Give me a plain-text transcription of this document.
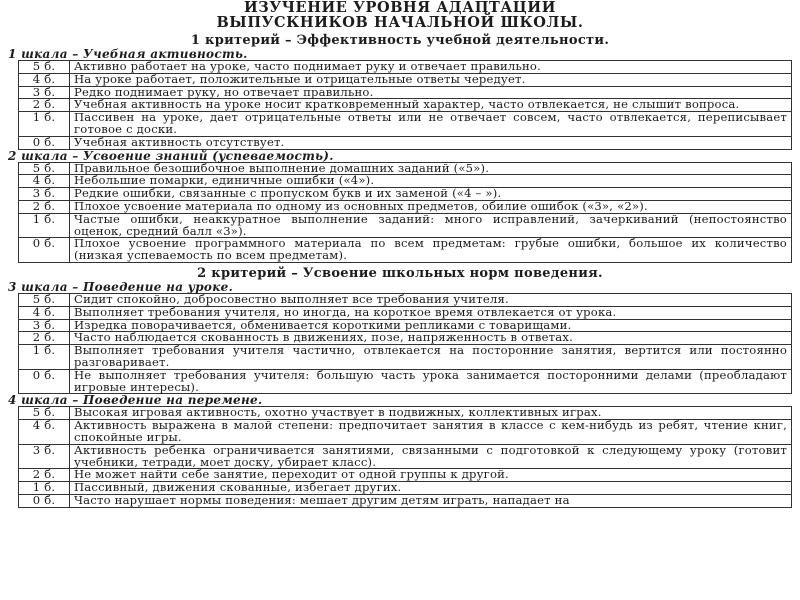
ИЗУЧЕНИЕ УРОВНЯ АДАПТАЦИИ
ВЫПУСКНИКОВ НАЧАЛЬНОЙ ШКОЛЫ.
1 критерий – Эффективность учебной деятельности.
1 шкала – Учебная активность.
5 б.	Активно работает на уроке, часто поднимает руку и отвечает правильно.
4 б.	На уроке работает, положительные и отрицательные ответы чередует.
3 б.	Редко поднимает руку, но отвечает правильно.
2 б.	Учебная активность на уроке носит кратковременный характер, часто отвлекается, не слышит вопроса.
1 б.	Пассивен на уроке, дает отрицательные ответы или не отвечает совсем, часто отвлекается, переписывает готовое с доски.
0 б.	Учебная активность отсутствует.
2 шкала – Усвоение знаний (успеваемость).
5 б.	Правильное безошибочное выполнение домашних заданий («5»).
4 б.	Небольшие помарки, единичные ошибки («4»).
3 б.	Редкие ошибки, связанные с пропуском букв и их заменой («4 – »).
2 б.	Плохое усвоение материала по одному из основных предметов, обилие ошибок («3», «2»).
1 б.	Частые ошибки, неаккуратное выполнение заданий: много исправлений, зачеркиваний (непостоянство оценок, средний балл «3»).
0 б.	Плохое усвоение программного материала по всем предметам: грубые ошибки, большое их количество (низкая успеваемость по всем предметам).
2 критерий – Усвоение школьных норм поведения.
3 шкала – Поведение на уроке.
5 б.	Сидит спокойно, добросовестно выполняет все требования учителя.
4 б.	Выполняет требования учителя, но иногда, на короткое время отвлекается от урока.
3 б.	Изредка поворачивается, обменивается короткими репликами с товарищами.
2 б.	Часто наблюдается скованность в движениях, позе, напряженность в ответах.
1 б.	Выполняет требования учителя частично, отвлекается на посторонние занятия, вертится или постоянно разговаривает.
0 б.	Не выполняет требования учителя: большую часть урока занимается посторонними делами (преобладают игровые интересы).
4 шкала – Поведение на перемене.
5 б.	Высокая игровая активность, охотно участвует в подвижных, коллективных играх.
4 б.	Активность выражена в малой степени: предпочитает занятия в классе с кем-нибудь из ребят, чтение книг, спокойные игры.
3 б.	Активность ребенка ограничивается занятиями, связанными с подготовкой к следующему уроку (готовит учебники, тетради, моет доску, убирает класс).
2 б.	Не может найти себе занятие, переходит от одной группы к другой.
1 б.	Пассивный, движения скованные, избегает других.
0 б.	Часто нарушает нормы поведения: мешает другим детям играть, нападает на
